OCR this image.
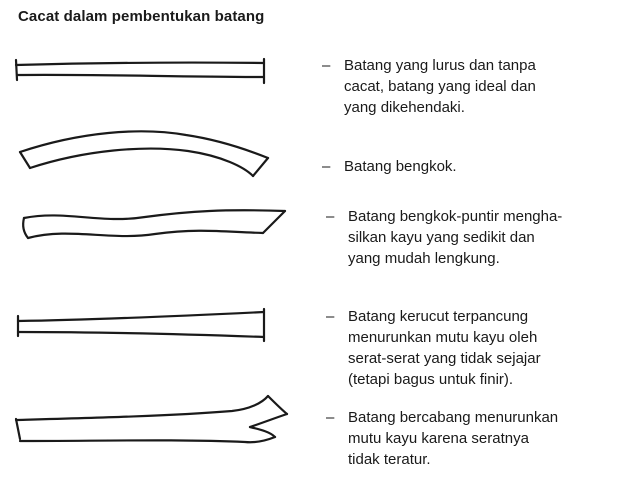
Cacat dalam pembentukan batang
– Batang yang lurus dan tanpa
cacat, batang yang ideal dan
yang dikehendaki.
– Batang bengkok.
– Batang bengkok-puntir mengha-
silkan kayu yang sedikit dan
yang mudah lengkung.
– Batang kerucut terpancung
menurunkan mutu kayu oleh
serat-serat yang tidak sejajar
(tetapi bagus untuk finir).
– Batang bercabang menurunkan
mutu kayu karena seratnya
tidak teratur.
